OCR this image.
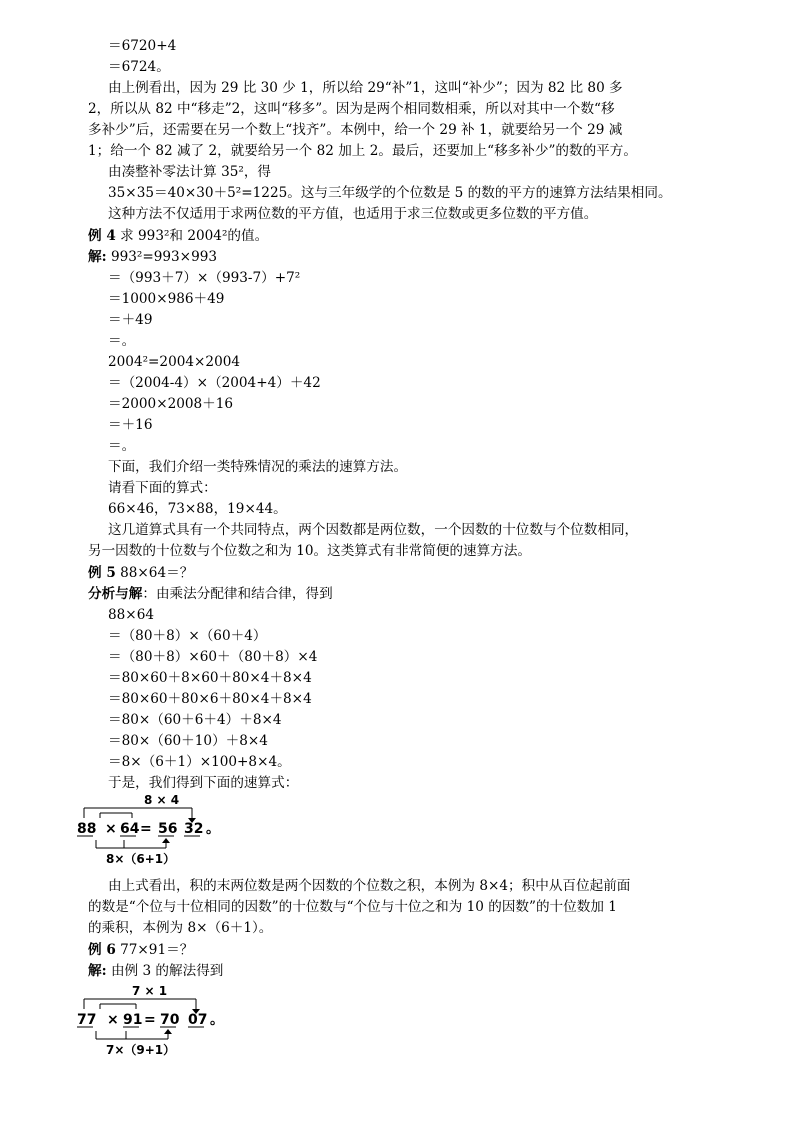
＝6720+4
＝6724。
由上例看出，因为 29 比 30 少 1，所以给 29“补”1，这叫“补少”；因为 82 比 80 多
2，所以从 82 中“移走”2，这叫“移多”。因为是两个相同数相乘，所以对其中一个数“移
多补少”后，还需要在另一个数上“找齐”。本例中，给一个 29 补 1，就要给另一个 29 减
1；给一个 82 减了 2，就要给另一个 82 加上 2。最后，还要加上“移多补少”的数的平方。
由凑整补零法计算 35²，得
35×35＝40×30＋5²=1225。这与三年级学的个位数是 5 的数的平方的速算方法结果相同。
这种方法不仅适用于求两位数的平方值，也适用于求三位数或更多位数的平方值。
例 4 求 993²和 2004²的值。
解: 993²=993×993
＝（993＋7）×（993-7）+7²
＝1000×986＋49
＝＋49
＝。
2004²=2004×2004
＝（2004-4）×（2004+4）＋42
＝2000×2008＋16
＝＋16
＝。
下面，我们介绍一类特殊情况的乘法的速算方法。
请看下面的算式：
66×46，73×88，19×44。
这几道算式具有一个共同特点，两个因数都是两位数，一个因数的十位数与个位数相同，
另一因数的十位数与个位数之和为 10。这类算式有非常简便的速算方法。
例 5 88×64＝？
分析与解：由乘法分配律和结合律，得到
88×64
＝（80＋8）×（60＋4）
＝（80＋8）×60＋（80＋8）×4
＝80×60＋8×60＋80×4＋8×4
＝80×60＋80×6＋80×4＋8×4
＝80×（60＋6＋4）＋8×4
＝80×（60＋10）＋8×4
＝8×（6＋1）×100+8×4。
于是，我们得到下面的速算式：
由上式看出，积的末两位数是两个因数的个位数之积，本例为 8×4；积中从百位起前面
的数是“个位与十位相同的因数”的十位数与“个位与十位之和为 10 的因数”的十位数加 1
的乘积，本例为 8×（6＋1）。
例 6 77×91＝？
解: 由例 3 的解法得到
8 × 4
88 × 64 = 56 32 。
8×（6+1）
7 × 1
77 × 91 = 70 07 。
7×（9+1）
